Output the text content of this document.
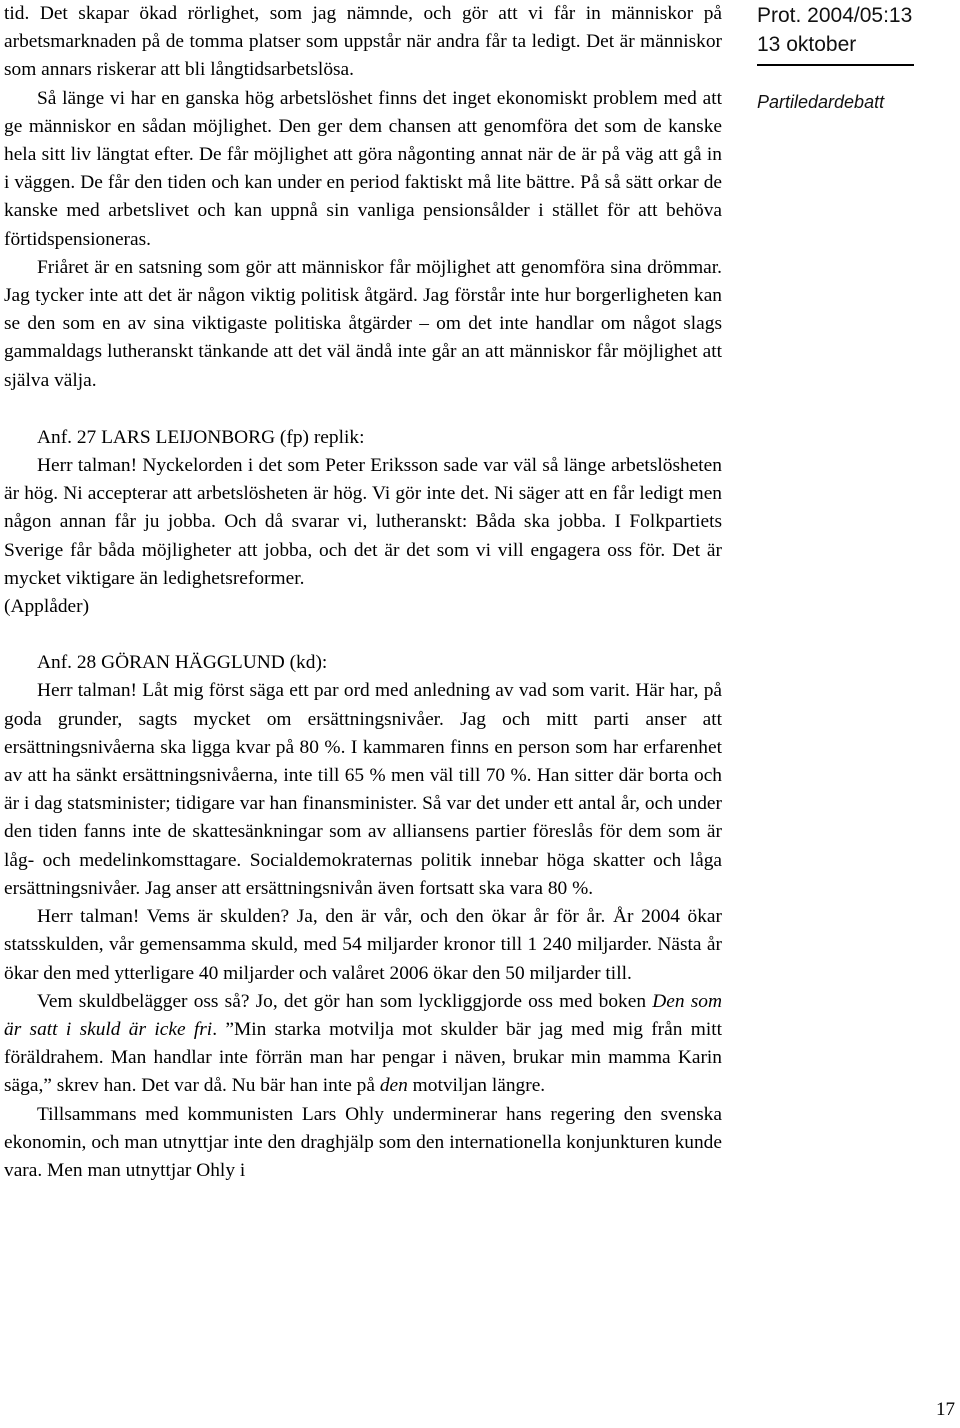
tid. Det skapar ökad rörlighet, som jag nämnde, och gör att vi får in människor på arbetsmarknaden på de tomma platser som uppstår när andra får ta ledigt. Det är människor som annars riskerar att bli långtidsarbetslösa.

Så länge vi har en ganska hög arbetslöshet finns det inget ekonomiskt problem med att ge människor en sådan möjlighet. Den ger dem chansen att genomföra det som de kanske hela sitt liv längtat efter. De får möjlighet att göra någonting annat när de är på väg att gå in i väggen. De får den tiden och kan under en period faktiskt må lite bättre. På så sätt orkar de kanske med arbetslivet och kan uppnå sin vanliga pensionsålder i stället för att behöva förtidspensioneras.

Friåret är en satsning som gör att människor får möjlighet att genomföra sina drömmar. Jag tycker inte att det är någon viktig politisk åtgärd. Jag förstår inte hur borgerligheten kan se den som en av sina viktigaste politiska åtgärder – om det inte handlar om något slags gammaldags lutheranskt tänkande att det väl ändå inte går an att människor får möjlighet att själva välja.

Anf. 27 LARS LEIJONBORG (fp) replik:

Herr talman! Nyckelorden i det som Peter Eriksson sade var väl så länge arbetslösheten är hög. Ni accepterar att arbetslösheten är hög. Vi gör inte det. Ni säger att en får ledigt men någon annan får ju jobba. Och då svarar vi, lutheranskt: Båda ska jobba. I Folkpartiets Sverige får båda möjligheter att jobba, och det är det som vi vill engagera oss för. Det är mycket viktigare än ledighetsreformer.

(Applåder)

Anf. 28 GÖRAN HÄGGLUND (kd):

Herr talman! Låt mig först säga ett par ord med anledning av vad som varit. Här har, på goda grunder, sagts mycket om ersättningsnivåer. Jag och mitt parti anser att ersättningsnivåerna ska ligga kvar på 80 %. I kammaren finns en person som har erfarenhet av att ha sänkt ersättningsnivåerna, inte till 65 % men väl till 70 %. Han sitter där borta och är i dag statsminister; tidigare var han finansminister. Så var det under ett antal år, och under den tiden fanns inte de skattesänkningar som av alliansens partier föreslås för dem som är låg- och medelinkomsttagare. Socialdemokraternas politik innebar höga skatter och låga ersättningsnivåer. Jag anser att ersättningsnivån även fortsatt ska vara 80 %.

Herr talman! Vems är skulden? Ja, den är vår, och den ökar år för år. År 2004 ökar statsskulden, vår gemensamma skuld, med 54 miljarder kronor till 1 240 miljarder. Nästa år ökar den med ytterligare 40 miljarder och valåret 2006 ökar den 50 miljarder till.

Vem skuldbelägger oss så? Jo, det gör han som lyckliggjorde oss med boken Den som är satt i skuld är icke fri. ”Min starka motvilja mot skulder bär jag med mig från mitt föräldrahem. Man handlar inte förrän man har pengar i näven, brukar min mamma Karin säga,” skrev han. Det var då. Nu bär han inte på den motviljan längre.

Tillsammans med kommunisten Lars Ohly underminerar hans regering den svenska ekonomin, och man utnyttjar inte den draghjälp som den internationella konjunkturen kunde vara. Men man utnyttjar Ohly i

Prot. 2004/05:13
13 oktober
Partiledardebatt
17
